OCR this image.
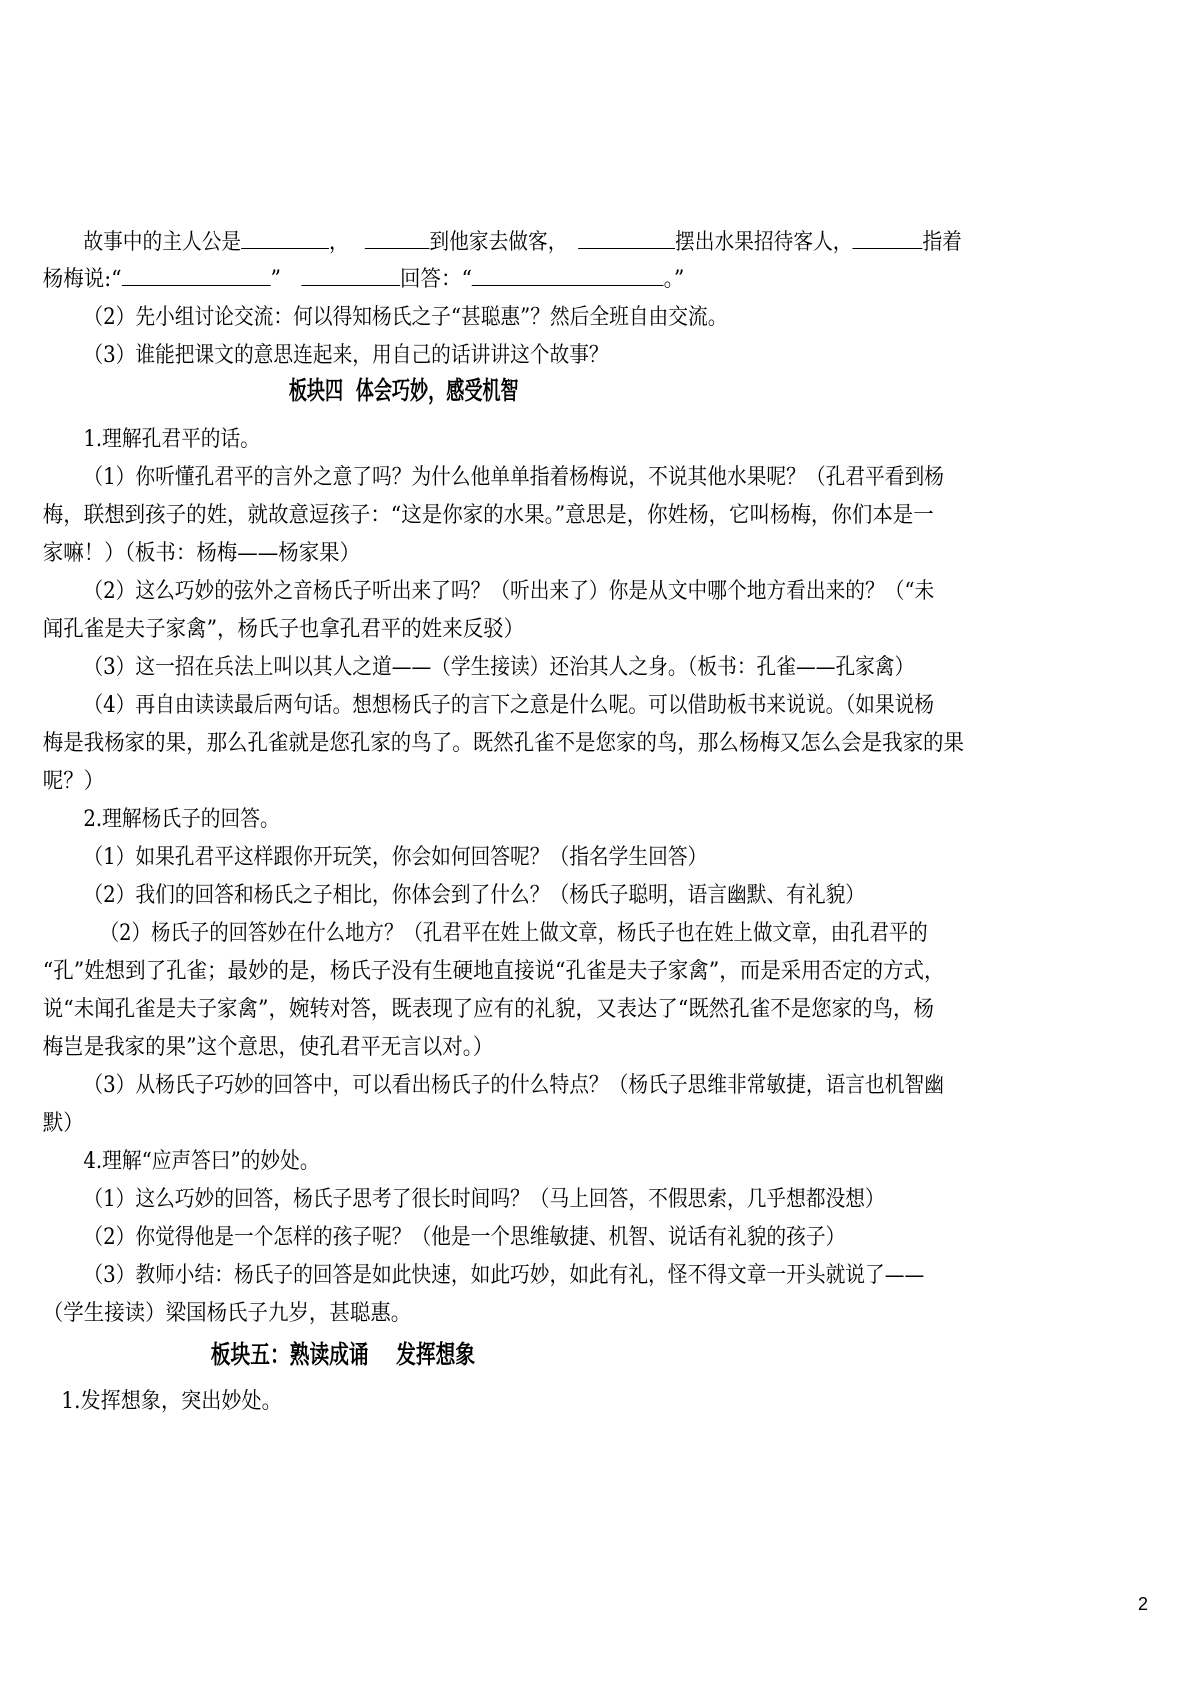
故事中的主人公是	，	到他家去做客，	摆出水果招待客人，	指着
杨梅说:“	”	回答：“	。”
（2）先小组讨论交流：何以得知杨氏之子“甚聪惠”？然后全班自由交流。
（3）谁能把课文的意思连起来，用自己的话讲讲这个故事？
板块四  体会巧妙，感受机智
1.理解孔君平的话。
（1）你听懂孔君平的言外之意了吗？为什么他单单指着杨梅说，不说其他水果呢？（孔君平看到杨
梅，联想到孩子的姓，就故意逗孩子：“这是你家的水果。”意思是，你姓杨，它叫杨梅，你们本是一
家嘛！）（板书：杨梅——杨家果）
（2）这么巧妙的弦外之音杨氏子听出来了吗？（听出来了）你是从文中哪个地方看出来的？（“未
闻孔雀是夫子家禽”，杨氏子也拿孔君平的姓来反驳）
（3）这一招在兵法上叫以其人之道——（学生接读）还治其人之身。（板书：孔雀——孔家禽）
（4）再自由读读最后两句话。想想杨氏子的言下之意是什么呢。可以借助板书来说说。（如果说杨
梅是我杨家的果，那么孔雀就是您孔家的鸟了。既然孔雀不是您家的鸟，那么杨梅又怎么会是我家的果
呢？）
2.理解杨氏子的回答。
（1）如果孔君平这样跟你开玩笑，你会如何回答呢？（指名学生回答）
（2）我们的回答和杨氏之子相比，你体会到了什么？（杨氏子聪明，语言幽默、有礼貌）
（2）杨氏子的回答妙在什么地方？（孔君平在姓上做文章，杨氏子也在姓上做文章，由孔君平的
“孔”姓想到了孔雀；最妙的是，杨氏子没有生硬地直接说“孔雀是夫子家禽”，而是采用否定的方式，
说“未闻孔雀是夫子家禽”，婉转对答，既表现了应有的礼貌，又表达了“既然孔雀不是您家的鸟，杨
梅岂是我家的果”这个意思，使孔君平无言以对。）
（3）从杨氏子巧妙的回答中，可以看出杨氏子的什么特点？（杨氏子思维非常敏捷，语言也机智幽
默）
4.理解“应声答曰”的妙处。
（1）这么巧妙的回答，杨氏子思考了很长时间吗？（马上回答，不假思索，几乎想都没想）
（2）你觉得他是一个怎样的孩子呢？（他是一个思维敏捷、机智、说话有礼貌的孩子）
（3）教师小结：杨氏子的回答是如此快速，如此巧妙，如此有礼，怪不得文章一开头就说了——
（学生接读）梁国杨氏子九岁，甚聪惠。
板块五：熟读成诵    发挥想象
1.发挥想象，突出妙处。
2
